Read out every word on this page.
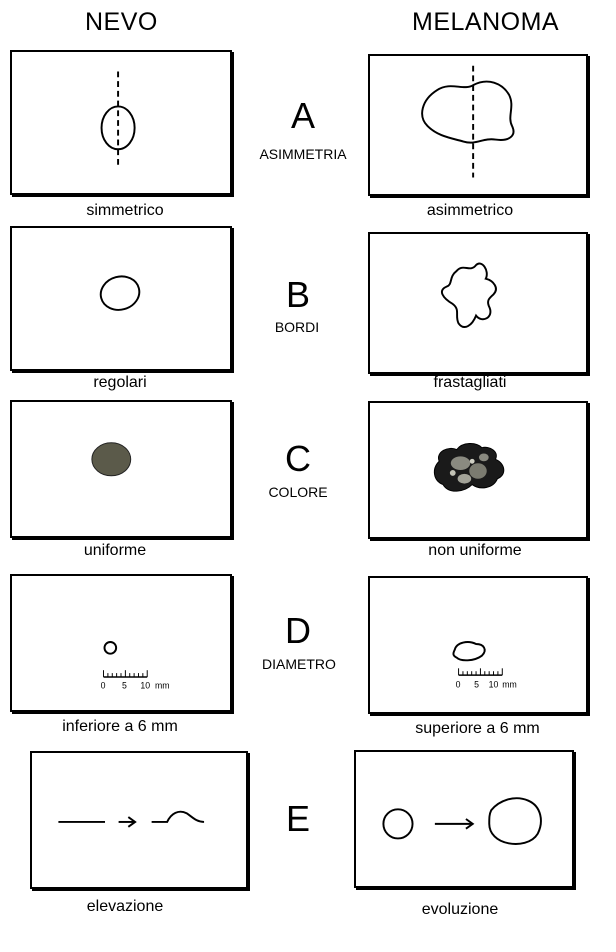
NEVO	MELANOMA
A
ASIMMETRIA
simmetrico	asimmetrico
B
BORDI
regolari	frastagliati
C
COLORE
uniforme	non uniforme
0 5 10 mm
D
DIAMETRO
0 5 10 mm
inferiore a 6 mm	superiore a 6 mm
E
elevazione	evoluzione
